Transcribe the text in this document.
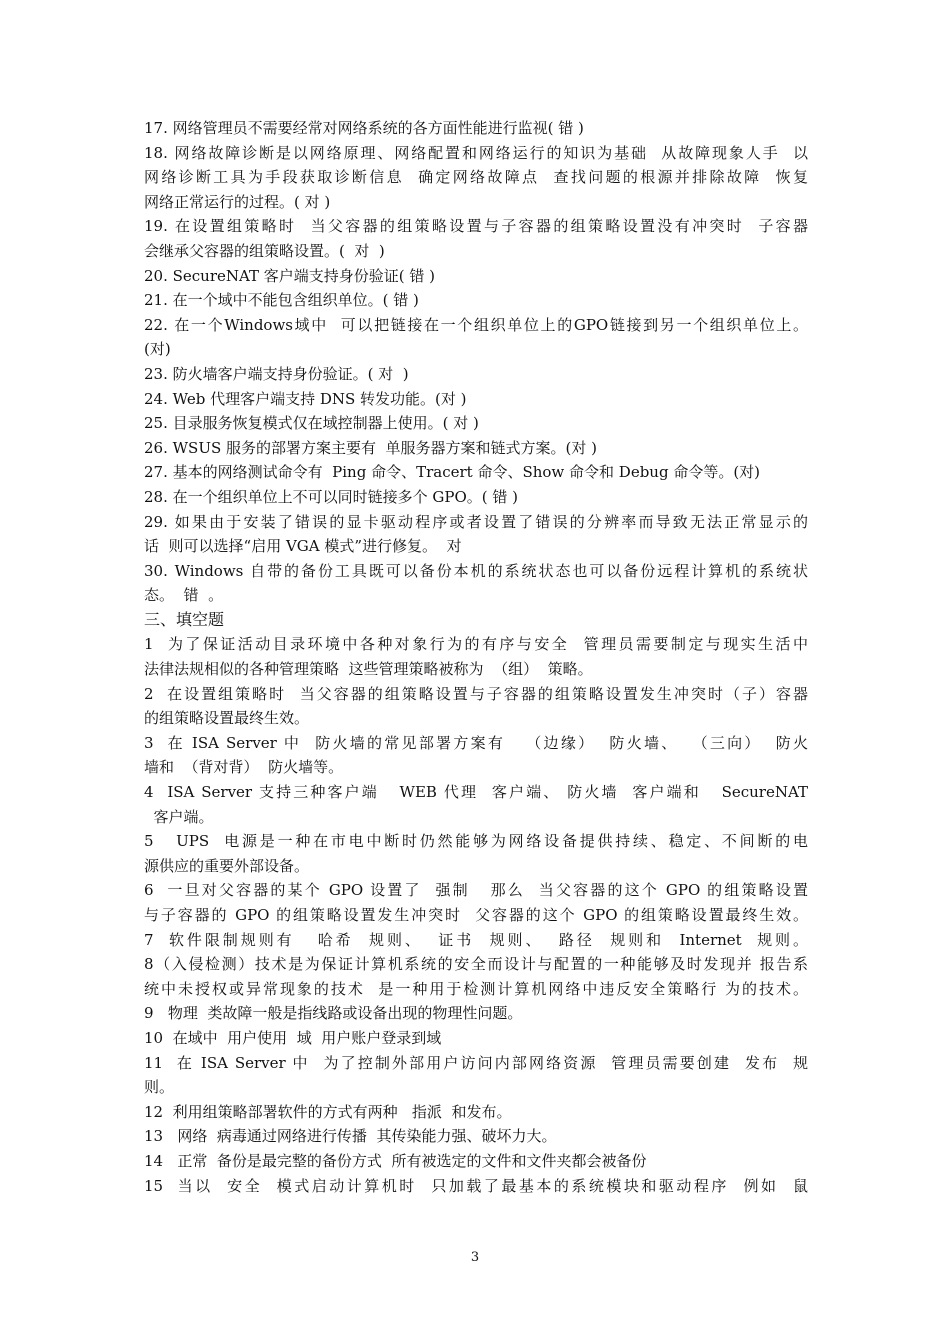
17. 网络管理员不需要经常对网络系统的各方面性能进行监视( 错 )
18. 网络故障诊断是以网络原理、网络配置和网络运行的知识为基础  从故障现象人手  以
网络诊断工具为手段获取诊断信息  确定网络故障点  查找问题的根源并排除故障  恢复
网络正常运行的过程。( 对 )
19. 在设置组策略时  当父容器的组策略设置与子容器的组策略设置没有冲突时  子容器
会继承父容器的组策略设置。(  对  )
20. SecureNAT 客户端支持身份验证( 错 )
21. 在一个域中不能包含组织单位。( 错 )
22. 在一个Windows域中  可以把链接在一个组织单位上的GPO链接到另一个组织单位上。
(对)
23. 防火墙客户端支持身份验证。( 对  )
24. Web 代理客户端支持 DNS 转发功能。(对 )
25. 目录服务恢复模式仅在域控制器上使用。( 对 )
26. WSUS 服务的部署方案主要有  单服务器方案和链式方案。(对 )
27. 基本的网络测试命令有  Ping 命令、Tracert 命令、Show 命令和 Debug 命令等。(对)
28. 在一个组织单位上不可以同时链接多个 GPO。( 错 )
29. 如果由于安装了错误的显卡驱动程序或者设置了错误的分辨率而导致无法正常显示的
话  则可以选择“启用 VGA 模式”进行修复。  对
30. Windows 自带的备份工具既可以备份本机的系统状态也可以备份远程计算机的系统状
态。  错  。
三、填空题
1  为了保证活动目录环境中各种对象行为的有序与安全  管理员需要制定与现实生活中
法律法规相似的各种管理策略  这些管理策略被称为  （组）  策略。
2  在设置组策略时  当父容器的组策略设置与子容器的组策略设置发生冲突时（子）容器
的组策略设置最终生效。
3  在 ISA Server 中  防火墙的常见部署方案有   （边缘）  防火墙、  （三向）  防火
墙和  （背对背）  防火墙等。
4  ISA Server 支持三种客户端   WEB 代理  客户端、 防火墙  客户端和   SecureNAT
客户端。
5   UPS  电源是一种在市电中断时仍然能够为网络设备提供持续、稳定、不间断的电
源供应的重要外部设备。
6  一旦对父容器的某个 GPO 设置了  强制   那么  当父容器的这个 GPO 的组策略设置
与子容器的 GPO 的组策略设置发生冲突时  父容器的这个 GPO 的组策略设置最终生效。
7  软件限制规则有   哈希  规则、  证书  规则、  路径  规则和  Internet  规则。
8（入侵检测）技术是为保证计算机系统的安全而设计与配置的一种能够及时发现并 报告系
统中未授权或异常现象的技术  是一种用于检测计算机网络中违反安全策略行 为的技术。
9   物理  类故障一般是指线路或设备出现的物理性问题。
10  在域中  用户使用  域  用户账户登录到域
11  在 ISA Server 中  为了控制外部用户访问内部网络资源  管理员需要创建  发布  规
则。
12  利用组策略部署软件的方式有两种   指派  和发布。
13   网络  病毒通过网络进行传播  其传染能力强、破坏力大。
14   正常  备份是最完整的备份方式  所有被选定的文件和文件夹都会被备份
15  当以  安全  模式启动计算机时  只加载了最基本的系统模块和驱动程序  例如  鼠
3
